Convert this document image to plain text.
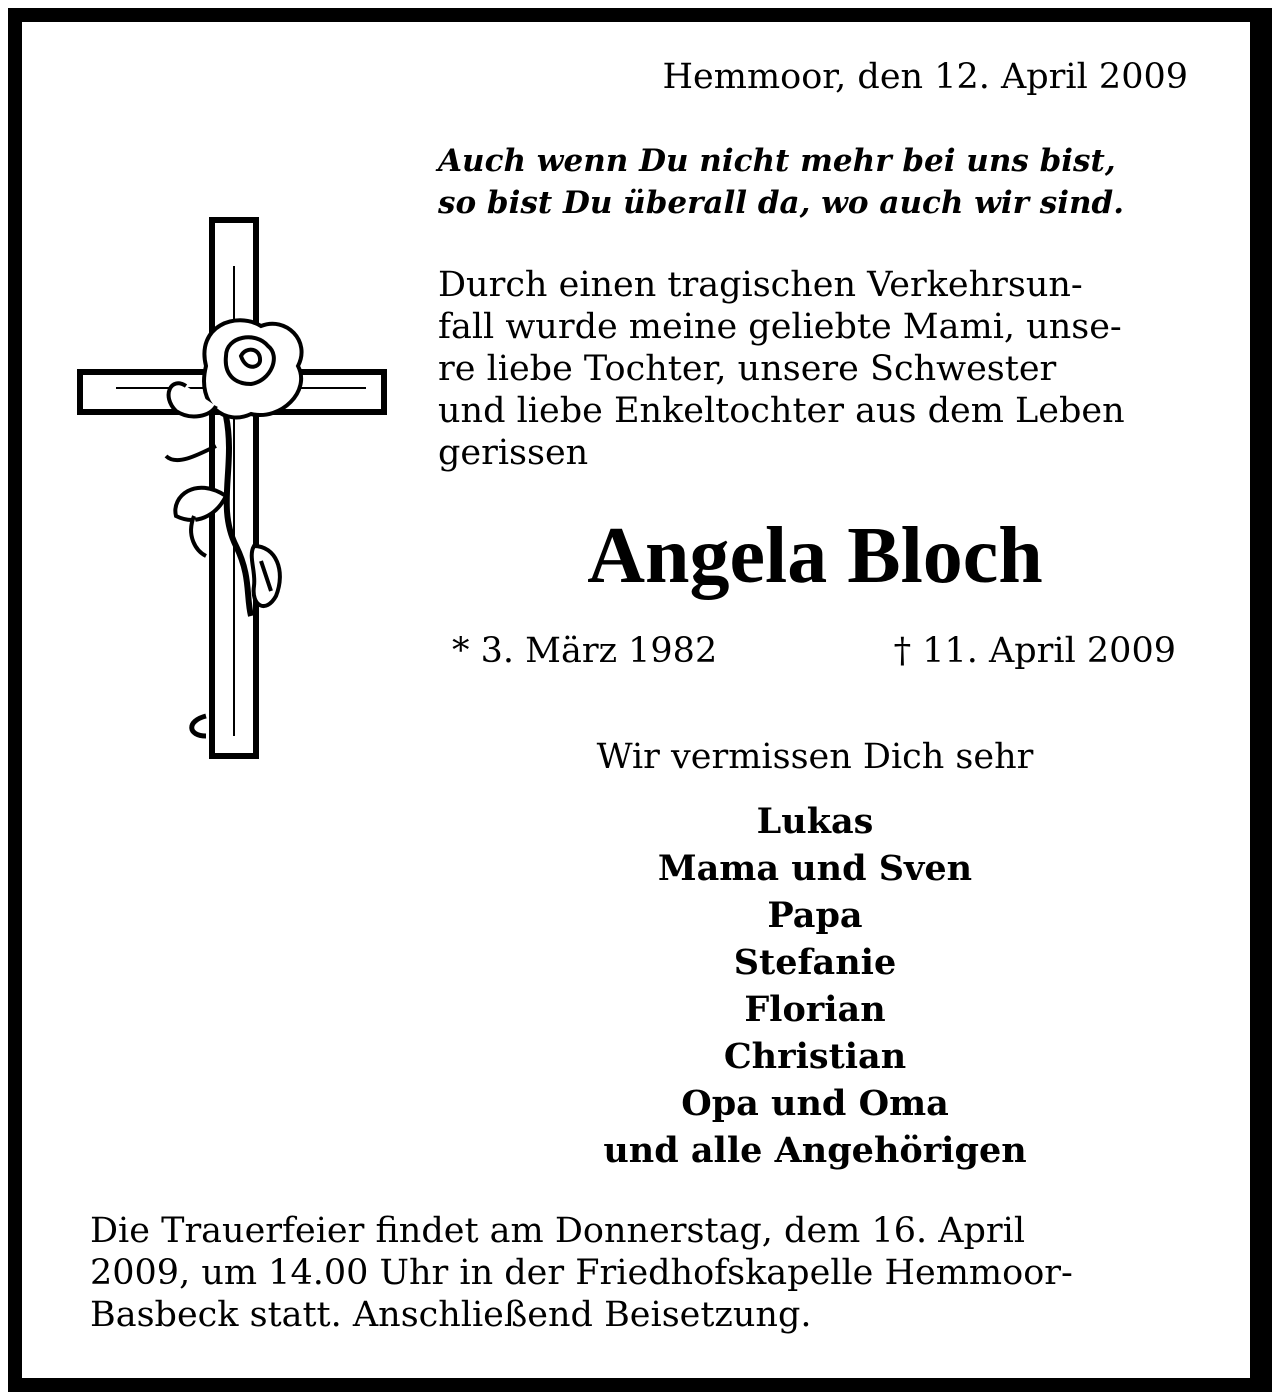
Hemmoor, den 12. April 2009

Auch wenn Du nicht mehr bei uns bist,
so bist Du überall da, wo auch wir sind.

Durch einen tragischen Verkehrsun-
fall wurde meine geliebte Mami, unse-
re liebe Tochter, unsere Schwester
und liebe Enkeltochter aus dem Leben
gerissen

Angela Bloch
* 3. März 1982	† 11. April 2009
Wir vermissen Dich sehr
Lukas
Mama und Sven
Papa
Stefanie
Florian
Christian
Opa und Oma
und alle Angehörigen

Die Trauerfeier findet am Donnerstag, dem 16. April
2009, um 14.00 Uhr in der Friedhofskapelle Hemmoor-
Basbeck statt. Anschließend Beisetzung.
